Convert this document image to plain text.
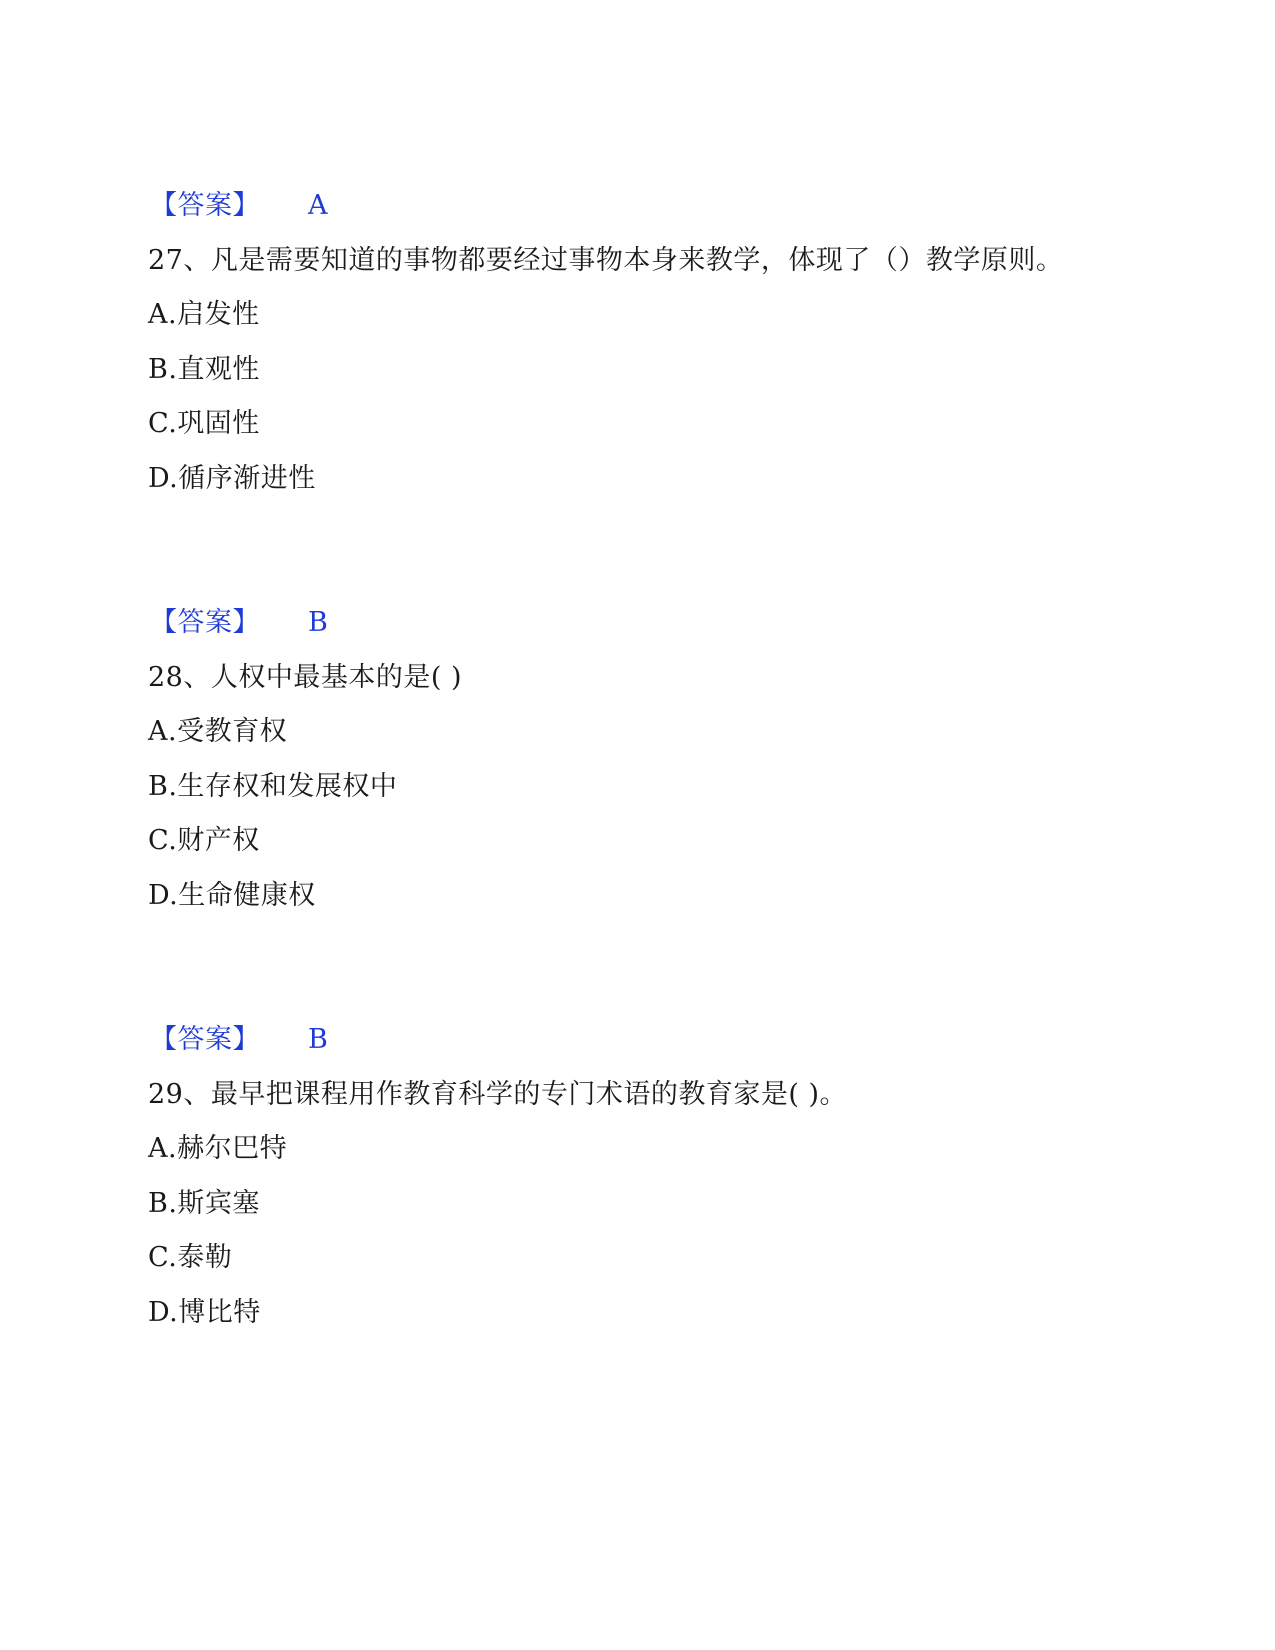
【答案】 A
27、凡是需要知道的事物都要经过事物本身来教学，体现了（）教学原则。
A.启发性
B.直观性
C.巩固性
D.循序渐进性
【答案】 B
28、人权中最基本的是( )
A.受教育权
B.生存权和发展权中
C.财产权
D.生命健康权
【答案】 B
29、最早把课程用作教育科学的专门术语的教育家是( )。
A.赫尔巴特
B.斯宾塞
C.泰勒
D.博比特
